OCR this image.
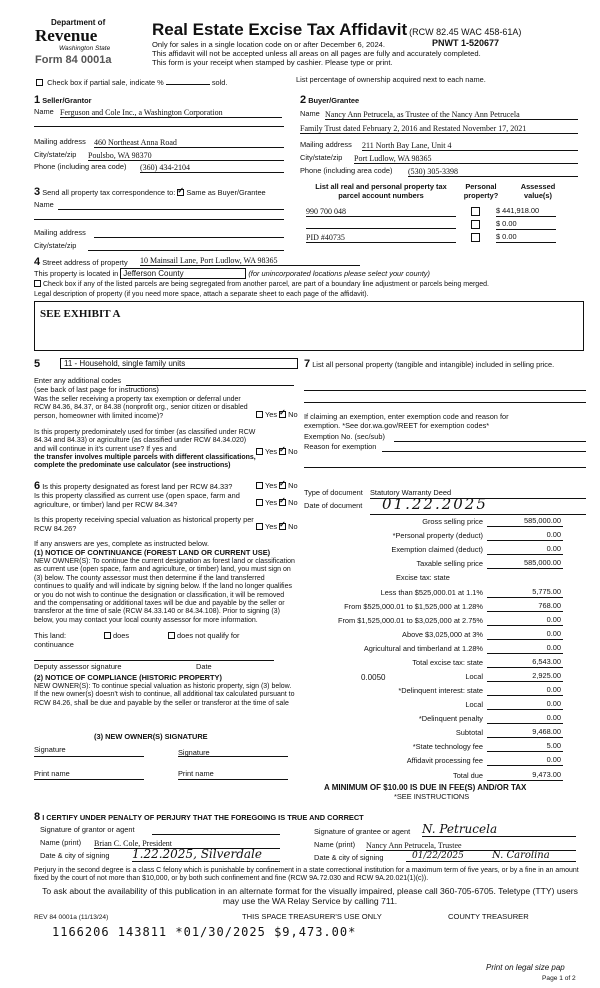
Department of
Revenue
Washington State
Form 84 0001a
Real Estate Excise Tax Affidavit (RCW 82.45 WAC 458-61A)
Only for sales in a single location code on or after December 6, 2024.	PNWT 1-520677
This affidavit will not be accepted unless all areas on all pages are fully and accurately completed.
This form is your receipt when stamped by cashier. Please type or print.
Check box if partial sale, indicate %	sold.	List percentage of ownership acquired next to each name.
1 Seller/Grantor
Name Ferguson and Cole Inc., a Washington Corporation
Mailing address 460 Northeast Anna Road
City/state/zip Poulsbo, WA 98370
Phone (including area code) (360) 434-2104
2 Buyer/Grantee
Name Nancy Ann Petrucela, as Trustee of the Nancy Ann Petrucela
Family Trust dated February 2, 2016 and Restated November 17, 2021
Mailing address 211 North Bay Lane, Unit 4
City/state/zip Port Ludlow, WA 98365
Phone (including area code) (530) 305-3398
3 Send all property tax correspondence to: ✓ Same as Buyer/Grantee
Name
Mailing address
City/state/zip
List all real and personal property tax parcel account numbers
Personal property?
Assessed value(s)
990 700 048	$ 441,918.00
$ 0.00
PID #40735	$ 0.00
4 Street address of property 10 Mainsail Lane, Port Ludlow, WA 98365
This property is located in Jefferson County	(for unincorporated locations please select your county)
Check box if any of the listed parcels are being segregated from another parcel, are part of a boundary line adjustment or parcels being merged.
Legal description of property (if you need more space, attach a separate sheet to each page of the affidavit).
SEE EXHIBIT A
5	11 - Household, single family units
Enter any additional codes
(see back of last page for instructions)
Was the seller receiving a property tax exemption or deferral under RCW 84.36, 84.37, or 84.38 (nonprofit org., senior citizen or disabled person, homeowner with limited income)?	Yes ✓ No
Is this property predominately used for timber (as classified under RCW 84.34 and 84.33) or agriculture (as classified under RCW 84.34.020) and will continue in it's current use? If yes and
the transfer involves multiple parcels with different classifications, complete the predominate use calculator (see instructions)
Yes ✓ No
6 Is this property designated as forest land per RCW 84.33?	Yes ✓ No
Is this property classified as current use (open space, farm and agriculture, or timber) land per RCW 84.34?	Yes ✓ No
Is this property receiving special valuation as historical property per RCW 84.26?	Yes ✓ No
If any answers are yes, complete as instructed below.
(1) NOTICE OF CONTINUANCE (FOREST LAND OR CURRENT USE)
NEW OWNER(S): To continue the current designation as forest land or classification as current use (open space, farm and agriculture, or timber) land, you must sign on (3) below. The county assessor must then determine if the land transferred continues to qualify and will indicate by signing below. If the land no longer qualifies or you do not wish to continue the designation or classification, it will be removed and the compensating or additional taxes will be due and payable by the seller or transferor at the time of sale (RCW 84.33.140 or 84.34.108). Prior to signing (3) below, you may contact your local county assessor for more information.
This land:	does	does not qualify for
continuance
Deputy assessor signature	Date
(2) NOTICE OF COMPLIANCE (HISTORIC PROPERTY)
NEW OWNER(S): To continue special valuation as historic property, sign (3) below. If the new owner(s) doesn't wish to continue, all additional tax calculated pursuant to RCW 84.26, shall be due and payable by the seller or transferor at the time of sale
(3) NEW OWNER(S) SIGNATURE
Signature	Signature
Print name	Print name
7 List all personal property (tangible and intangible) included in selling price.
If claiming an exemption, enter exemption code and reason for exemption. *See dor.wa.gov/REET for exemption codes*
Exemption No. (sec/sub)
Reason for exemption
Type of document Statutory Warranty Deed
Date of document	01.22.2025
Gross selling price	585,000.00
*Personal property (deduct)	0.00
Exemption claimed (deduct)	0.00
Taxable selling price	585,000.00
Excise tax: state
Less than $525,000.01 at 1.1%	5,775.00
From $525,000.01 to $1,525,000 at 1.28%	768.00
From $1,525,000.01 to $3,025,000 at 2.75%	0.00
Above $3,025,000 at 3%	0.00
Agricultural and timberland at 1.28%	0.00
Total excise tax: state	6,543.00
0.0050	Local	2,925.00
*Delinquent interest: state	0.00
Local	0.00
*Delinquent penalty	0.00
Subtotal	9,468.00
*State technology fee	5.00
Affidavit processing fee	0.00
Total due	9,473.00
A MINIMUM OF $10.00 IS DUE IN FEE(S) AND/OR TAX
*SEE INSTRUCTIONS
8 I CERTIFY UNDER PENALTY OF PERJURY THAT THE FOREGOING IS TRUE AND CORRECT
Signature of grantor or agent
Name (print) Brian C. Cole, President
Date & city of signing 1.22.2025, Silverdale
Signature of grantee or agent N. Petrucela
Name (print) Nancy Ann Petrucela, Trustee
Date & city of signing	01/22/2025	N. Carolina
Perjury in the second degree is a class C felony which is punishable by confinement in a state correctional institution for a maximum term of five years, or by a fine in an amount fixed by the court of not more than $10,000, or by both such confinement and fine (RCW 9A.72.030 and RCW 9A.20.021(1)(c)).
To ask about the availability of this publication in an alternate format for the visually impaired, please call 360-705-6705. Teletype (TTY) users may use the WA Relay Service by calling 711.
REV 84 0001a (11/13/24)	THIS SPACE TREASURER'S USE ONLY	COUNTY TREASURER
1166206 143811 *01/30/2025 $9,473.00*
Print on legal size pap
Page 1 of 2
